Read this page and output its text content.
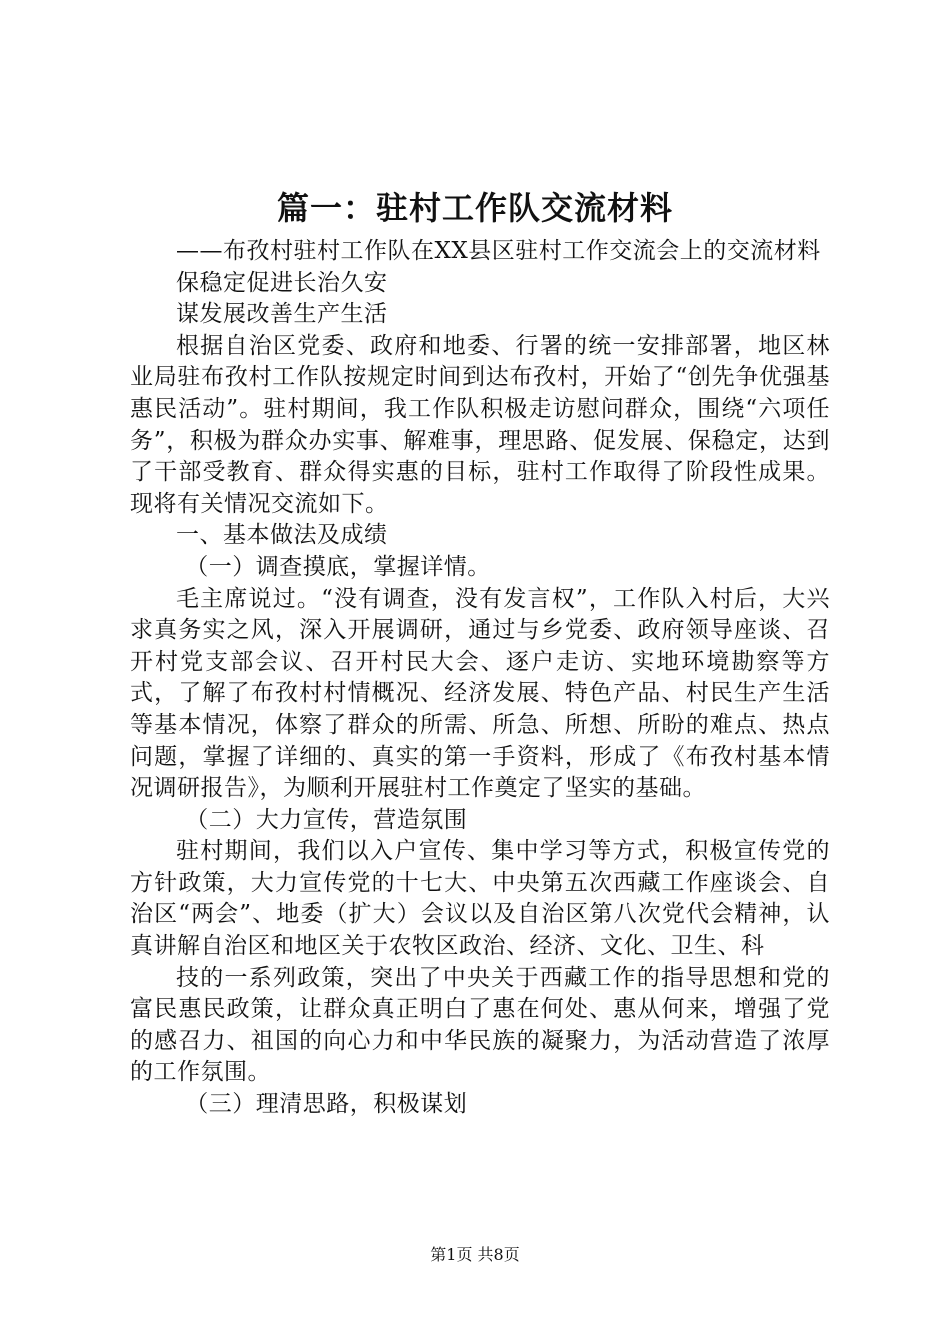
篇一：驻村工作队交流材料

——布孜村驻村工作队在XX县区驻村工作交流会上的交流材料

保稳定促进长治久安

谋发展改善生产生活

根据自治区党委、政府和地委、行署的统一安排部署，地区林业局驻布孜村工作队按规定时间到达布孜村，开始了“创先争优强基惠民活动”。驻村期间，我工作队积极走访慰问群众，围绕“六项任务”，积极为群众办实事、解难事，理思路、促发展、保稳定，达到了干部受教育、群众得实惠的目标，驻村工作取得了阶段性成果。现将有关情况交流如下。

一、基本做法及成绩

（一）调查摸底，掌握详情。

毛主席说过。“没有调查，没有发言权”，工作队入村后，大兴求真务实之风，深入开展调研，通过与乡党委、政府领导座谈、召开村党支部会议、召开村民大会、逐户走访、实地环境勘察等方式，了解了布孜村村情概况、经济发展、特色产品、村民生产生活等基本情况，体察了群众的所需、所急、所想、所盼的难点、热点问题，掌握了详细的、真实的第一手资料，形成了《布孜村基本情况调研报告》，为顺利开展驻村工作奠定了坚实的基础。

（二）大力宣传，营造氛围

驻村期间，我们以入户宣传、集中学习等方式，积极宣传党的方针政策，大力宣传党的十七大、中央第五次西藏工作座谈会、自治区“两会”、地委（扩大）会议以及自治区第八次党代会精神，认真讲解自治区和地区关于农牧区政治、经济、文化、卫生、科

技的一系列政策，突出了中央关于西藏工作的指导思想和党的富民惠民政策，让群众真正明白了惠在何处、惠从何来，增强了党的感召力、祖国的向心力和中华民族的凝聚力，为活动营造了浓厚的工作氛围。

（三）理清思路，积极谋划

第1页 共8页
